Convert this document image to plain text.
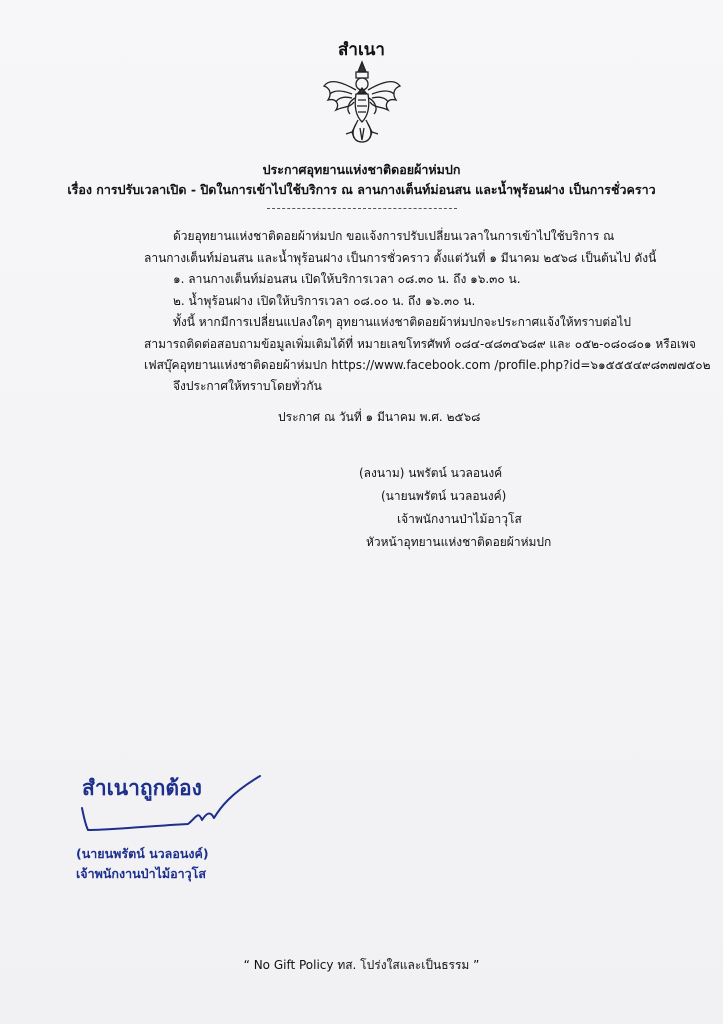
สำเนา
ประกาศอุทยานแห่งชาติดอยผ้าห่มปก
เรื่อง การปรับเวลาเปิด - ปิดในการเข้าไปใช้บริการ ณ ลานกางเต็นท์ม่อนสน และน้ำพุร้อนฝาง เป็นการชั่วคราว
ด้วยอุทยานแห่งชาติดอยผ้าห่มปก ขอแจ้งการปรับเปลี่ยนเวลาในการเข้าไปใช้บริการ ณ
ลานกางเต็นท์ม่อนสน และน้ำพุร้อนฝาง เป็นการชั่วคราว ตั้งแต่วันที่ ๑ มีนาคม ๒๕๖๘ เป็นต้นไป ดังนี้
๑. ลานกางเต็นท์ม่อนสน เปิดให้บริการเวลา ๐๘.๓๐ น. ถึง ๑๖.๓๐ น.
๒. น้ำพุร้อนฝาง เปิดให้บริการเวลา ๐๘.๐๐ น. ถึง ๑๖.๓๐ น.
ทั้งนี้ หากมีการเปลี่ยนแปลงใดๆ อุทยานแห่งชาติดอยผ้าห่มปกจะประกาศแจ้งให้ทราบต่อไป
สามารถติดต่อสอบถามข้อมูลเพิ่มเติมได้ที่ หมายเลขโทรศัพท์ ๐๘๔-๔๘๓๔๖๘๙ และ ๐๕๒-๐๘๐๘๐๑ หรือเพจ
เฟสบุ๊คอุทยานแห่งชาติดอยผ้าห่มปก https://www.facebook.com /profile.php?id=๖๑๕๕๕๔๙๘๓๗๗๕๐๒
จึงประกาศให้ทราบโดยทั่วกัน
ประกาศ ณ วันที่ ๑ มีนาคม พ.ศ. ๒๕๖๘
(ลงนาม) นพรัตน์ นวลอนงค์
(นายนพรัตน์ นวลอนงค์)
เจ้าพนักงานป่าไม้อาวุโส
หัวหน้าอุทยานแห่งชาติดอยผ้าห่มปก
สำเนาถูกต้อง
(นายนพรัตน์ นวลอนงค์)
เจ้าพนักงานป่าไม้อาวุโส
“ No Gift Policy ทส. โปร่งใสและเป็นธรรม ”
